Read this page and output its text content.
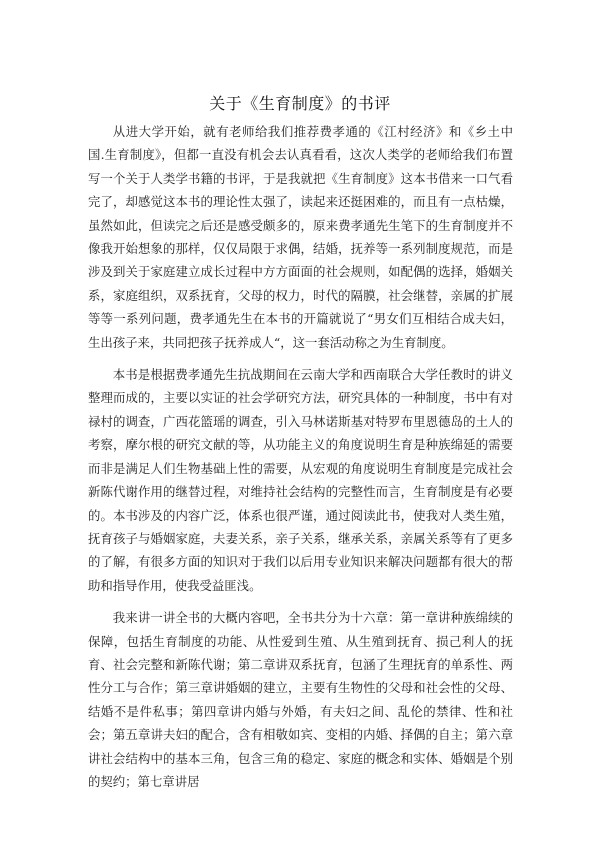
关于《生育制度》的书评

从进大学开始，就有老师给我们推荐费孝通的《江村经济》和《乡土中国.生育制度》，但都一直没有机会去认真看看，这次人类学的老师给我们布置写一个关于人类学书籍的书评，于是我就把《生育制度》这本书借来一口气看完了，却感觉这本书的理论性太强了，读起来还挺困难的，而且有一点枯燥，虽然如此，但读完之后还是感受颇多的，原来费孝通先生笔下的生育制度并不像我开始想象的那样，仅仅局限于求偶，结婚，抚养等一系列制度规范，而是涉及到关于家庭建立成长过程中方方面面的社会规则，如配偶的选择，婚姻关系，家庭组织，双系抚育，父母的权力，时代的隔膜，社会继替，亲属的扩展等等一系列问题，费孝通先生在本书的开篇就说了“男女们互相结合成夫妇，生出孩子来，共同把孩子抚养成人“，这一套活动称之为生育制度。

本书是根据费孝通先生抗战期间在云南大学和西南联合大学任教时的讲义整理而成的，主要以实证的社会学研究方法，研究具体的一种制度，书中有对禄村的调查，广西花篮瑶的调查，引入马林诺斯基对特罗布里恩德岛的土人的考察，摩尔根的研究文献的等，从功能主义的角度说明生育是种族绵延的需要而非是满足人们生物基础上性的需要，从宏观的角度说明生育制度是完成社会新陈代谢作用的继替过程，对维持社会结构的完整性而言，生育制度是有必要的。本书涉及的内容广泛，体系也很严谨，通过阅读此书，使我对人类生殖，抚育孩子与婚姻家庭，夫妻关系，亲子关系，继承关系，亲属关系等有了更多的了解，有很多方面的知识对于我们以后用专业知识来解决问题都有很大的帮助和指导作用，使我受益匪浅。

我来讲一讲全书的大概内容吧，全书共分为十六章：第一章讲种族绵续的保障，包括生育制度的功能、从性爱到生殖、从生殖到抚育、损己利人的抚育、社会完整和新陈代谢；第二章讲双系抚育，包涵了生理抚育的单系性、两性分工与合作；第三章讲婚姻的建立，主要有生物性的父母和社会性的父母、结婚不是件私事；第四章讲内婚与外婚，有夫妇之间、乱伦的禁律、性和社会；第五章讲夫妇的配合，含有相敬如宾、变相的内婚、择偶的自主；第六章讲社会结构中的基本三角，包含三角的稳定、家庭的概念和实体、婚姻是个别的契约；第七章讲居
